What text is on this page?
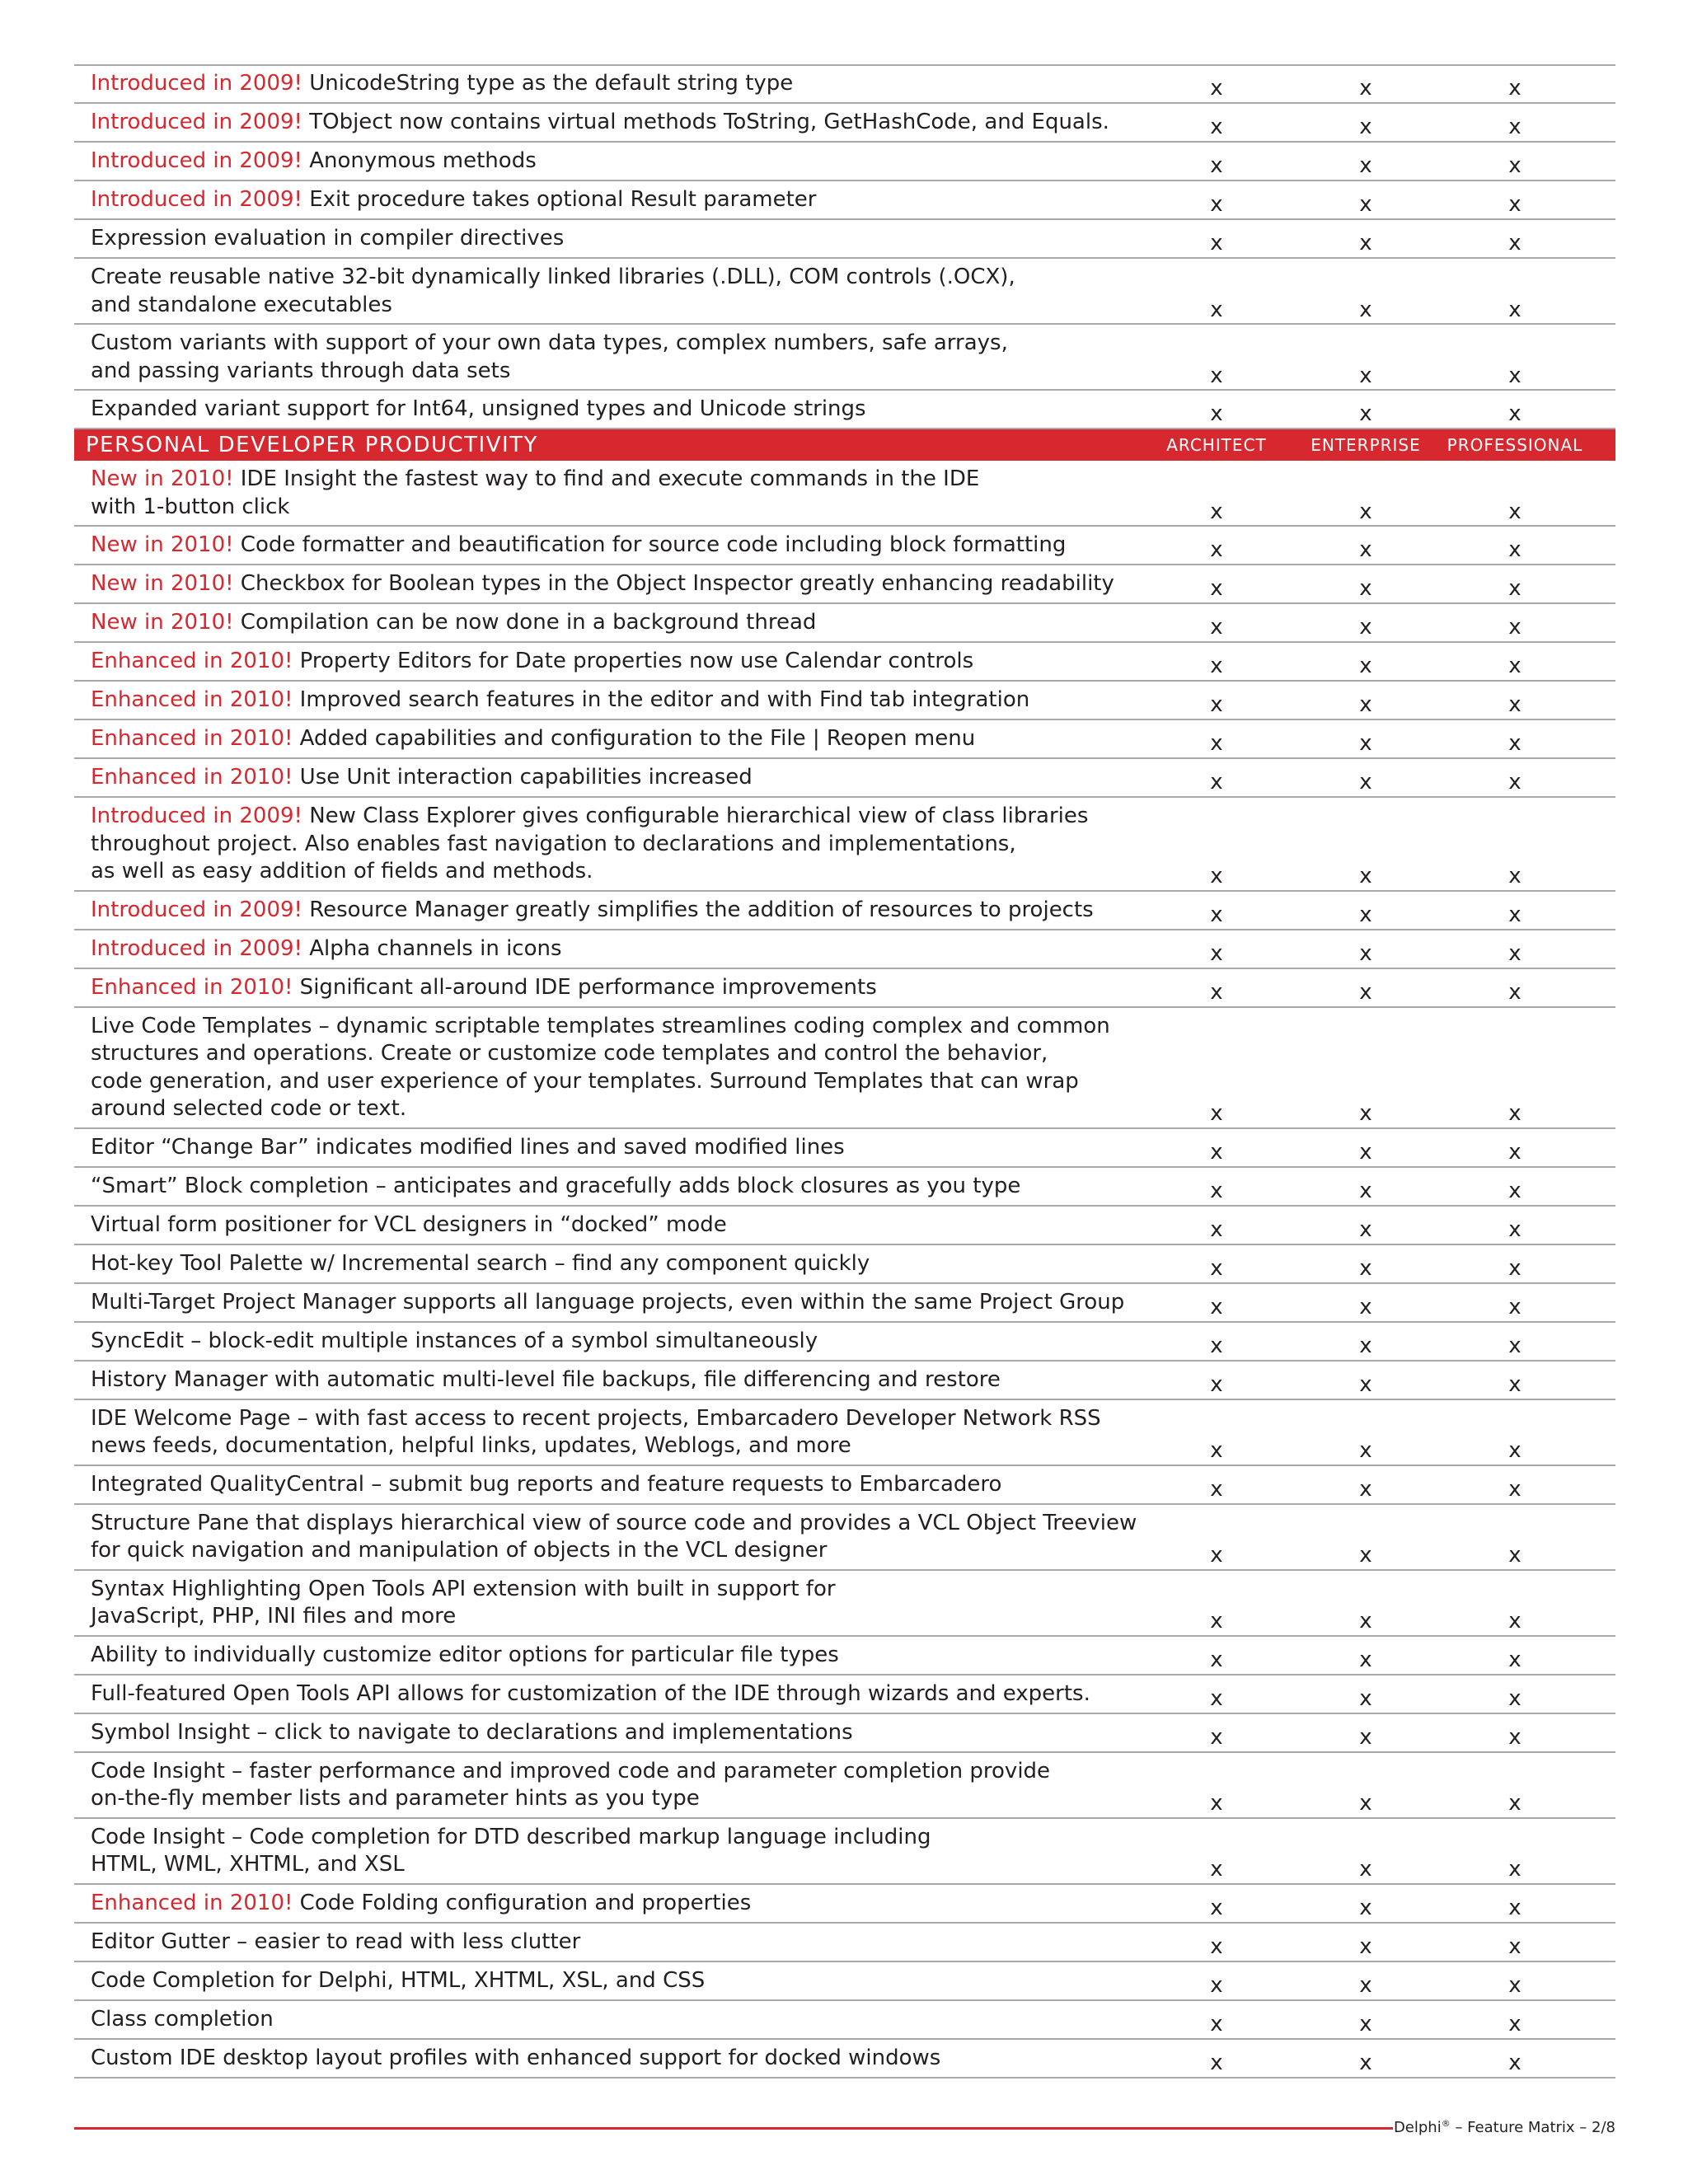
Introduced in 2009! UnicodeString type as the default string type	x	x	x
Introduced in 2009! TObject now contains virtual methods ToString, GetHashCode, and Equals.	x	x	x
Introduced in 2009! Anonymous methods	x	x	x
Introduced in 2009! Exit procedure takes optional Result parameter	x	x	x
Expression evaluation in compiler directives	x	x	x
Create reusable native 32-bit dynamically linked libraries (.DLL), COM controls (.OCX),
and standalone executables	x	x	x
Custom variants with support of your own data types, complex numbers, safe arrays,
and passing variants through data sets	x	x	x
Expanded variant support for Int64, unsigned types and Unicode strings	x	x	x
PERSONAL DEVELOPER PRODUCTIVITY	ARCHITECT	ENTERPRISE	PROFESSIONAL
New in 2010! IDE Insight the fastest way to find and execute commands in the IDE
with 1-button click	x	x	x
New in 2010! Code formatter and beautification for source code including block formatting	x	x	x
New in 2010! Checkbox for Boolean types in the Object Inspector greatly enhancing readability	x	x	x
New in 2010! Compilation can be now done in a background thread	x	x	x
Enhanced in 2010! Property Editors for Date properties now use Calendar controls	x	x	x
Enhanced in 2010! Improved search features in the editor and with Find tab integration	x	x	x
Enhanced in 2010! Added capabilities and configuration to the File | Reopen menu	x	x	x
Enhanced in 2010! Use Unit interaction capabilities increased	x	x	x
Introduced in 2009! New Class Explorer gives configurable hierarchical view of class libraries
throughout project. Also enables fast navigation to declarations and implementations,
as well as easy addition of fields and methods.	x	x	x
Introduced in 2009! Resource Manager greatly simplifies the addition of resources to projects	x	x	x
Introduced in 2009! Alpha channels in icons	x	x	x
Enhanced in 2010! Significant all-around IDE performance improvements	x	x	x
Live Code Templates – dynamic scriptable templates streamlines coding complex and common
structures and operations. Create or customize code templates and control the behavior,
code generation, and user experience of your templates. Surround Templates that can wrap
around selected code or text.	x	x	x
Editor “Change Bar” indicates modified lines and saved modified lines	x	x	x
“Smart” Block completion – anticipates and gracefully adds block closures as you type	x	x	x
Virtual form positioner for VCL designers in “docked” mode	x	x	x
Hot-key Tool Palette w/ Incremental search – find any component quickly	x	x	x
Multi-Target Project Manager supports all language projects, even within the same Project Group	x	x	x
SyncEdit – block-edit multiple instances of a symbol simultaneously	x	x	x
History Manager with automatic multi-level file backups, file differencing and restore	x	x	x
IDE Welcome Page – with fast access to recent projects, Embarcadero Developer Network RSS
news feeds, documentation, helpful links, updates, Weblogs, and more	x	x	x
Integrated QualityCentral – submit bug reports and feature requests to Embarcadero	x	x	x
Structure Pane that displays hierarchical view of source code and provides a VCL Object Treeview
for quick navigation and manipulation of objects in the VCL designer	x	x	x
Syntax Highlighting Open Tools API extension with built in support for
JavaScript, PHP, INI files and more	x	x	x
Ability to individually customize editor options for particular file types	x	x	x
Full-featured Open Tools API allows for customization of the IDE through wizards and experts.	x	x	x
Symbol Insight – click to navigate to declarations and implementations	x	x	x
Code Insight – faster performance and improved code and parameter completion provide
on-the-fly member lists and parameter hints as you type	x	x	x
Code Insight – Code completion for DTD described markup language including
HTML, WML, XHTML, and XSL	x	x	x
Enhanced in 2010! Code Folding configuration and properties	x	x	x
Editor Gutter – easier to read with less clutter	x	x	x
Code Completion for Delphi, HTML, XHTML, XSL, and CSS	x	x	x
Class completion	x	x	x
Custom IDE desktop layout profiles with enhanced support for docked windows	x	x	x
Delphi® – Feature Matrix – 2/8
